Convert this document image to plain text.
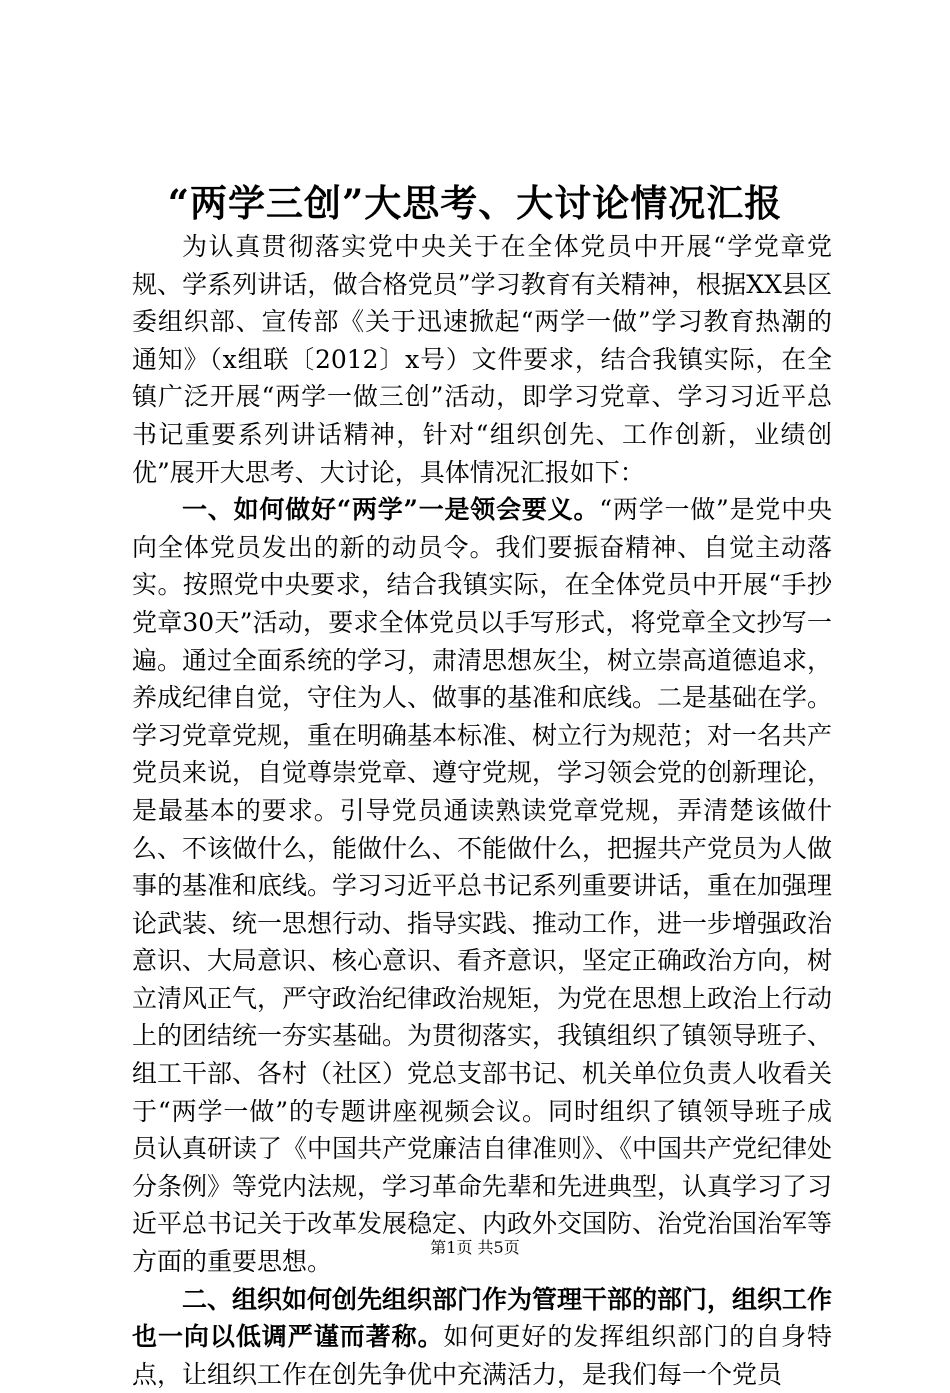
“两学三创”大思考、大讨论情况汇报

为认真贯彻落实党中央关于在全体党员中开展“学党章党规、学系列讲话，做合格党员”学习教育有关精神，根据XX县区委组织部、宣传部《关于迅速掀起“两学一做”学习教育热潮的通知》（x组联〔2012〕x号）文件要求，结合我镇实际，在全镇广泛开展“两学一做三创”活动，即学习党章、学习习近平总书记重要系列讲话精神，针对“组织创先、工作创新，业绩创优”展开大思考、大讨论，具体情况汇报如下：

一、如何做好“两学”一是领会要义。“两学一做”是党中央向全体党员发出的新的动员令。我们要振奋精神、自觉主动落实。按照党中央要求，结合我镇实际，在全体党员中开展“手抄党章30天”活动，要求全体党员以手写形式，将党章全文抄写一遍。通过全面系统的学习，肃清思想灰尘，树立崇高道德追求，养成纪律自觉，守住为人、做事的基准和底线。二是基础在学。学习党章党规，重在明确基本标准、树立行为规范；对一名共产党员来说，自觉尊崇党章、遵守党规，学习领会党的创新理论，是最基本的要求。引导党员通读熟读党章党规，弄清楚该做什么、不该做什么，能做什么、不能做什么，把握共产党员为人做事的基准和底线。学习习近平总书记系列重要讲话，重在加强理论武装、统一思想行动、指导实践、推动工作，进一步增强政治意识、大局意识、核心意识、看齐意识，坚定正确政治方向，树立清风正气，严守政治纪律政治规矩，为党在思想上政治上行动上的团结统一夯实基础。为贯彻落实，我镇组织了镇领导班子、组工干部、各村（社区）党总支部书记、机关单位负责人收看关于“两学一做”的专题讲座视频会议。同时组织了镇领导班子成员认真研读了《中国共产党廉洁自律准则》、《中国共产党纪律处分条例》等党内法规，学习革命先辈和先进典型，认真学习了习近平总书记关于改革发展稳定、内政外交国防、治党治国治军等方面的重要思想。

二、组织如何创先组织部门作为管理干部的部门，组织工作也一向以低调严谨而著称。如何更好的发挥组织部门的自身特点，让组织工作在创先争优中充满活力，是我们每一个党员

第1页 共5页
